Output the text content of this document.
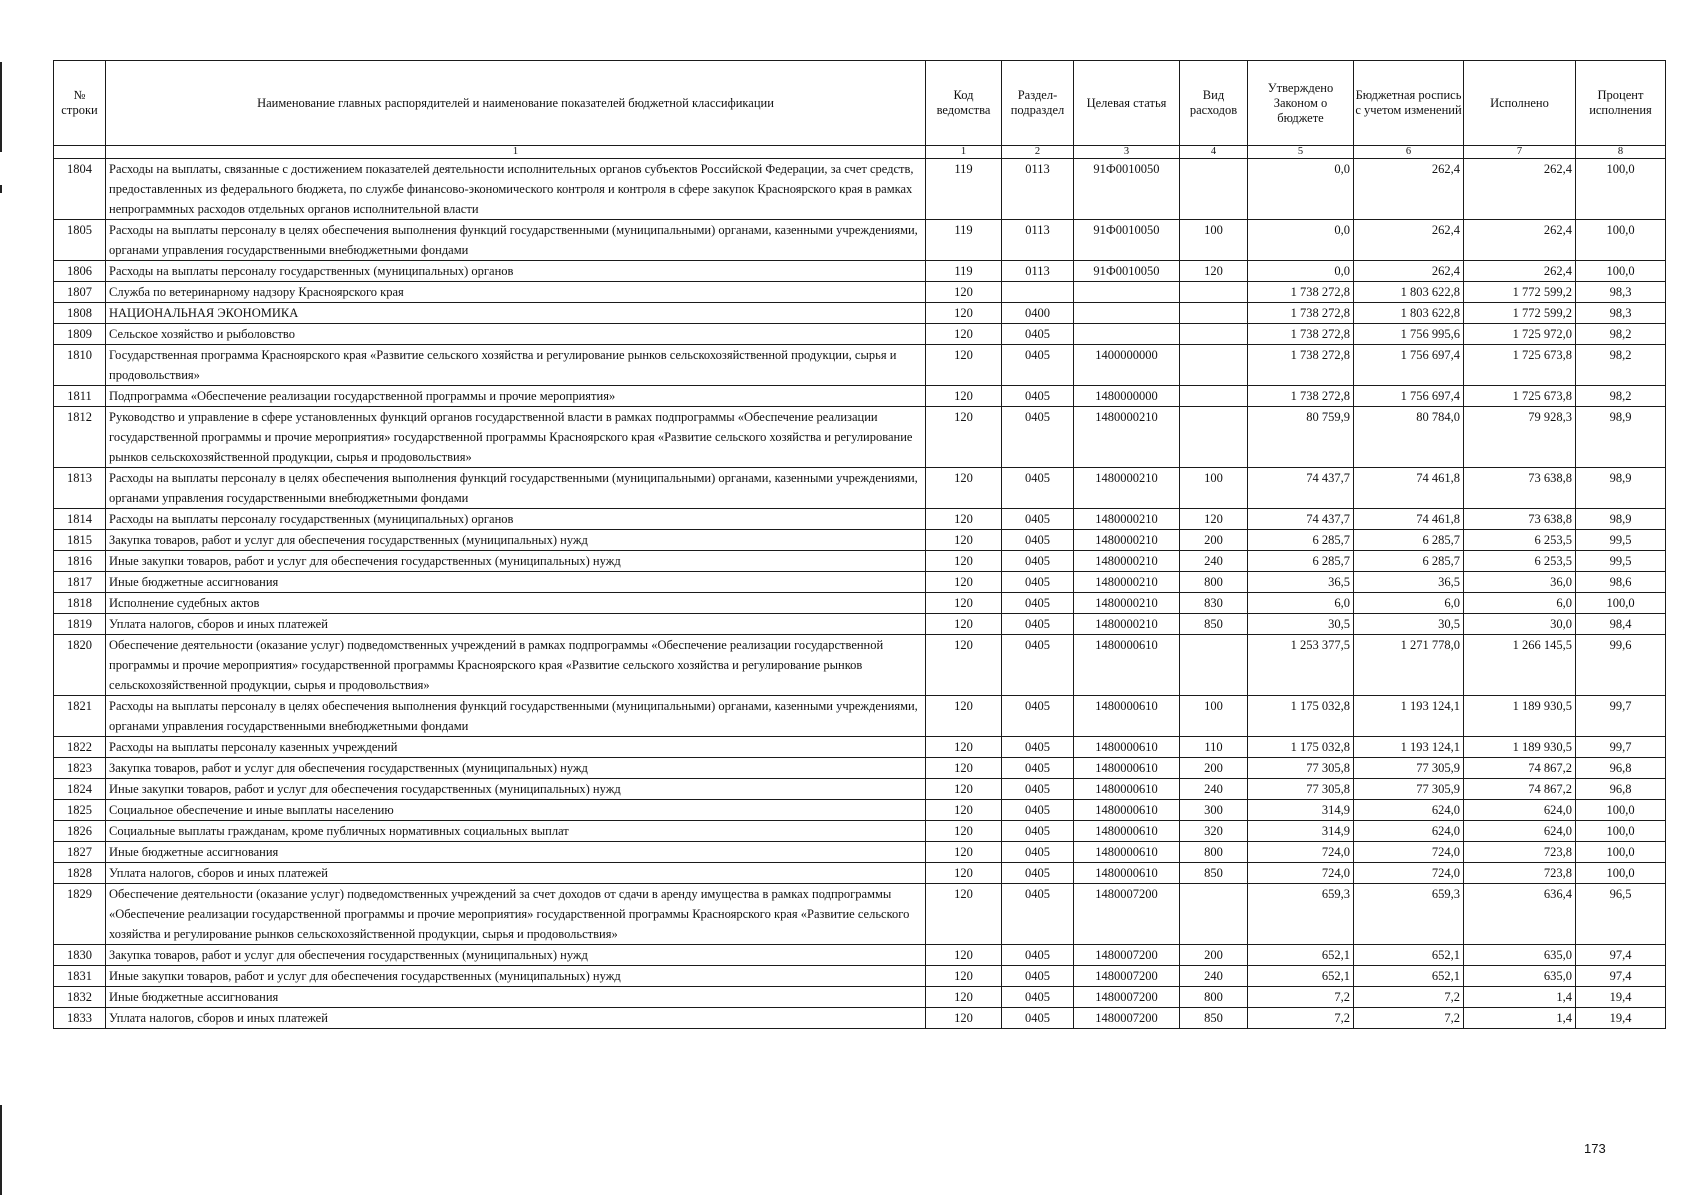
№ строки	Наименование главных распорядителей и наименование показателей бюджетной классификации	Код ведомства	Раздел-подраздел	Целевая статья	Вид расходов	Утверждено Законом о бюджете	Бюджетная роспись с учетом изменений	Исполнено	Процент исполнения
	1	1	2	3	4	5	6	7	8
1804	Расходы на выплаты, связанные с достижением показателей деятельности исполнительных органов субъектов Российской Федерации, за счет средств, предоставленных из федерального бюджета, по службе финансово-экономического контроля и контроля в сфере закупок Красноярского края в рамках непрограммных расходов отдельных органов исполнительной власти	119	0113	91Ф0010050		0,0	262,4	262,4	100,0
1805	Расходы на выплаты персоналу в целях обеспечения выполнения функций государственными (муниципальными) органами, казенными учреждениями, органами управления государственными внебюджетными фондами	119	0113	91Ф0010050	100	0,0	262,4	262,4	100,0
1806	Расходы на выплаты персоналу государственных (муниципальных) органов	119	0113	91Ф0010050	120	0,0	262,4	262,4	100,0
1807	Служба по ветеринарному надзору Красноярского края	120				1 738 272,8	1 803 622,8	1 772 599,2	98,3
1808	НАЦИОНАЛЬНАЯ ЭКОНОМИКА	120	0400			1 738 272,8	1 803 622,8	1 772 599,2	98,3
1809	Сельское хозяйство и рыболовство	120	0405			1 738 272,8	1 756 995,6	1 725 972,0	98,2
1810	Государственная программа Красноярского края «Развитие сельского хозяйства и регулирование рынков сельскохозяйственной продукции, сырья и продовольствия»	120	0405	1400000000		1 738 272,8	1 756 697,4	1 725 673,8	98,2
1811	Подпрограмма «Обеспечение реализации государственной программы и прочие мероприятия»	120	0405	1480000000		1 738 272,8	1 756 697,4	1 725 673,8	98,2
1812	Руководство и управление в сфере установленных функций органов государственной власти в рамках подпрограммы «Обеспечение реализации государственной программы и прочие мероприятия» государственной программы Красноярского края «Развитие сельского хозяйства и регулирование рынков сельскохозяйственной продукции, сырья и продовольствия»	120	0405	1480000210		80 759,9	80 784,0	79 928,3	98,9
1813	Расходы на выплаты персоналу в целях обеспечения выполнения функций государственными (муниципальными) органами, казенными учреждениями, органами управления государственными внебюджетными фондами	120	0405	1480000210	100	74 437,7	74 461,8	73 638,8	98,9
1814	Расходы на выплаты персоналу государственных (муниципальных) органов	120	0405	1480000210	120	74 437,7	74 461,8	73 638,8	98,9
1815	Закупка товаров, работ и услуг для обеспечения государственных (муниципальных) нужд	120	0405	1480000210	200	6 285,7	6 285,7	6 253,5	99,5
1816	Иные закупки товаров, работ и услуг для обеспечения государственных (муниципальных) нужд	120	0405	1480000210	240	6 285,7	6 285,7	6 253,5	99,5
1817	Иные бюджетные ассигнования	120	0405	1480000210	800	36,5	36,5	36,0	98,6
1818	Исполнение судебных актов	120	0405	1480000210	830	6,0	6,0	6,0	100,0
1819	Уплата налогов, сборов и иных платежей	120	0405	1480000210	850	30,5	30,5	30,0	98,4
1820	Обеспечение деятельности (оказание услуг) подведомственных учреждений в рамках подпрограммы «Обеспечение реализации государственной программы и прочие мероприятия» государственной программы Красноярского края «Развитие сельского хозяйства и регулирование рынков сельскохозяйственной продукции, сырья и продовольствия»	120	0405	1480000610		1 253 377,5	1 271 778,0	1 266 145,5	99,6
1821	Расходы на выплаты персоналу в целях обеспечения выполнения функций государственными (муниципальными) органами, казенными учреждениями, органами управления государственными внебюджетными фондами	120	0405	1480000610	100	1 175 032,8	1 193 124,1	1 189 930,5	99,7
1822	Расходы на выплаты персоналу казенных учреждений	120	0405	1480000610	110	1 175 032,8	1 193 124,1	1 189 930,5	99,7
1823	Закупка товаров, работ и услуг для обеспечения государственных (муниципальных) нужд	120	0405	1480000610	200	77 305,8	77 305,9	74 867,2	96,8
1824	Иные закупки товаров, работ и услуг для обеспечения государственных (муниципальных) нужд	120	0405	1480000610	240	77 305,8	77 305,9	74 867,2	96,8
1825	Социальное обеспечение и иные выплаты населению	120	0405	1480000610	300	314,9	624,0	624,0	100,0
1826	Социальные выплаты гражданам, кроме публичных нормативных социальных выплат	120	0405	1480000610	320	314,9	624,0	624,0	100,0
1827	Иные бюджетные ассигнования	120	0405	1480000610	800	724,0	724,0	723,8	100,0
1828	Уплата налогов, сборов и иных платежей	120	0405	1480000610	850	724,0	724,0	723,8	100,0
1829	Обеспечение деятельности (оказание услуг) подведомственных учреждений за счет доходов от сдачи в аренду имущества в рамках подпрограммы «Обеспечение реализации государственной программы и прочие мероприятия» государственной программы Красноярского края «Развитие сельского хозяйства и регулирование рынков сельскохозяйственной продукции, сырья и продовольствия»	120	0405	1480007200		659,3	659,3	636,4	96,5
1830	Закупка товаров, работ и услуг для обеспечения государственных (муниципальных) нужд	120	0405	1480007200	200	652,1	652,1	635,0	97,4
1831	Иные закупки товаров, работ и услуг для обеспечения государственных (муниципальных) нужд	120	0405	1480007200	240	652,1	652,1	635,0	97,4
1832	Иные бюджетные ассигнования	120	0405	1480007200	800	7,2	7,2	1,4	19,4
1833	Уплата налогов, сборов и иных платежей	120	0405	1480007200	850	7,2	7,2	1,4	19,4
173
